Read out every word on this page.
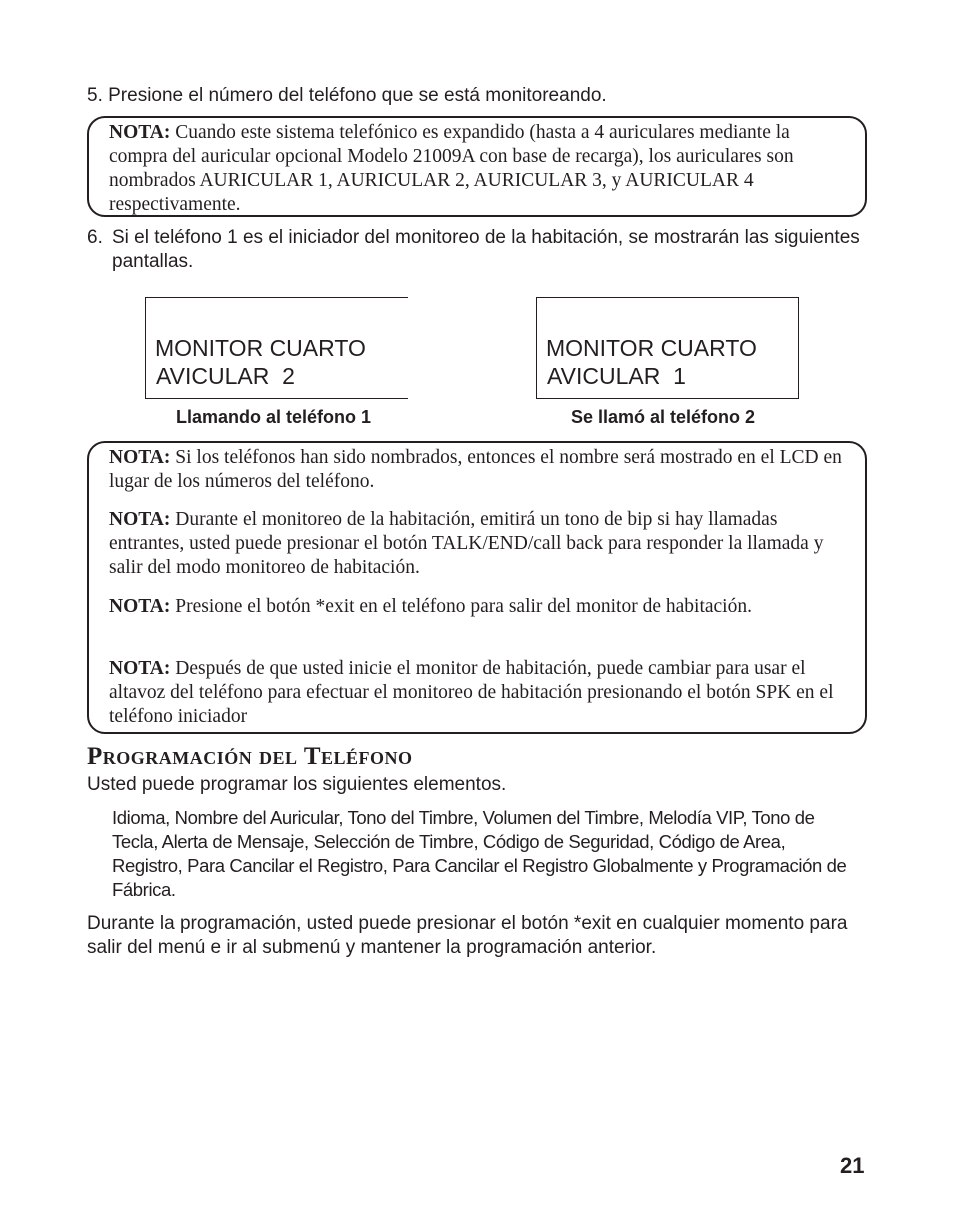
5. Presione el número del teléfono que se está monitoreando.

NOTA: Cuando este sistema telefónico es expandido (hasta a 4 auriculares mediante la compra del auricular opcional Modelo 21009A con base de recarga), los auriculares son nombrados AURICULAR 1, AURICULAR 2, AURICULAR 3, y AURICULAR 4 respectivamente.

6. Si el teléfono 1 es el iniciador del monitoreo de la habitación, se mostrarán las siguientes pantallas.
MONITOR CUARTO
AVICULAR  2
Llamando al teléfono 1
MONITOR CUARTO
AVICULAR  1
Se llamó al teléfono 2

NOTA: Si los teléfonos han sido nombrados, entonces el nombre será mostrado en el LCD en lugar de los números del teléfono.

NOTA: Durante el monitoreo de la habitación, emitirá un tono de bip si hay llamadas entrantes, usted puede presionar el botón TALK/END/call back para responder la llamada y salir del modo monitoreo de habitación.

NOTA: Presione el botón *exit en el teléfono para salir del monitor de habitación.

NOTA: Después de que usted inicie el monitor de habitación, puede cambiar para usar el altavoz del teléfono para efectuar el monitoreo de habitación presionando el botón SPK en el teléfono iniciador

Programación del Teléfono
Usted puede programar los siguientes elementos.
Idioma, Nombre del Auricular, Tono del Timbre, Volumen del Timbre, Melodía VIP, Tono de Tecla, Alerta de Mensaje, Selección de Timbre, Código de Seguridad, Código de Area, Registro, Para Cancilar el Registro, Para Cancilar el Registro Globalmente y Programación de Fábrica.
Durante la programación, usted puede presionar el botón *exit en cualquier momento para salir del menú e ir al submenú y mantener la programación anterior.
21
